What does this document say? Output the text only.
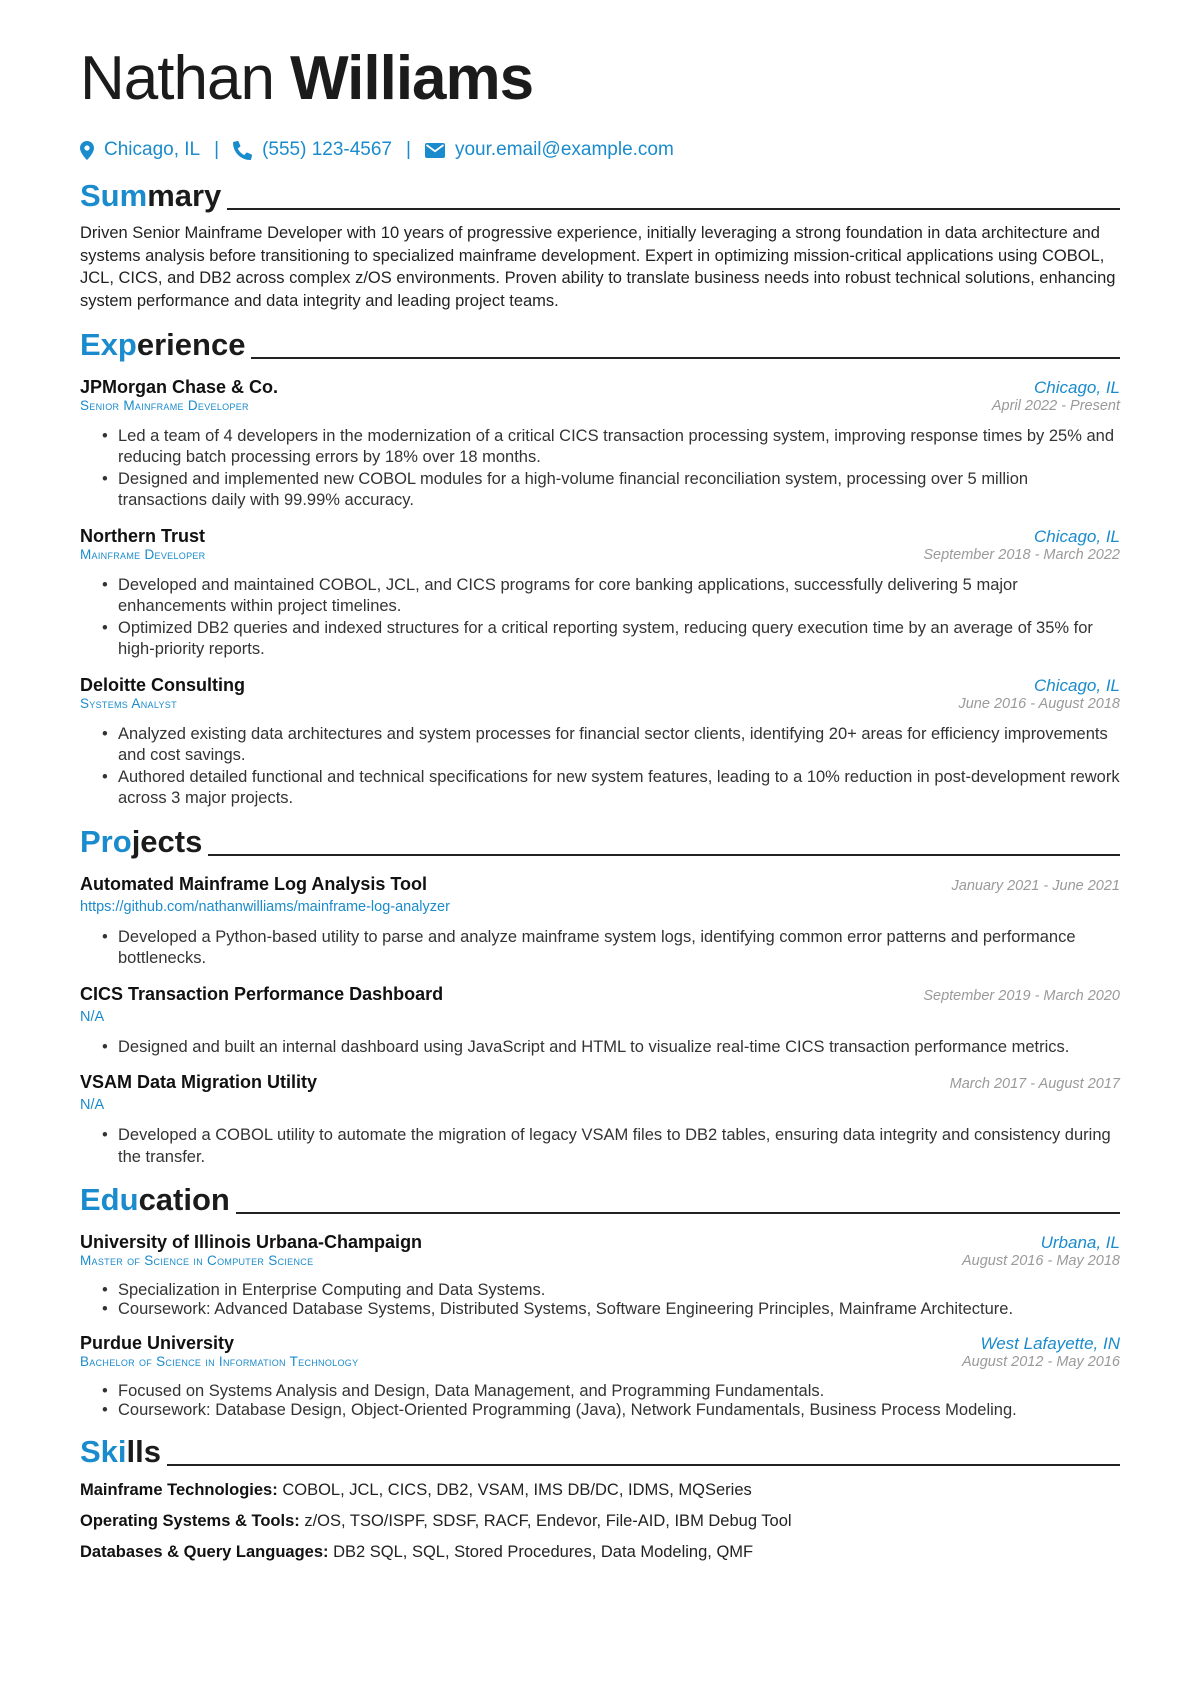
Nathan Williams
Chicago, IL | (555) 123-4567 | your.email@example.com
Summary

Driven Senior Mainframe Developer with 10 years of progressive experience, initially leveraging a strong foundation in data architecture and systems analysis before transitioning to specialized mainframe development. Expert in optimizing mission-critical applications using COBOL, JCL, CICS, and DB2 across complex z/OS environments. Proven ability to translate business needs into robust technical solutions, enhancing system performance and data integrity and leading project teams.

Experience
JPMorgan Chase & Co.	Chicago, IL
Senior Mainframe Developer	April 2022 - Present
• Led a team of 4 developers in the modernization of a critical CICS transaction processing system, improving response times by 25% and reducing batch processing errors by 18% over 18 months.
• Designed and implemented new COBOL modules for a high-volume financial reconciliation system, processing over 5 million transactions daily with 99.99% accuracy.
Northern Trust	Chicago, IL
Mainframe Developer	September 2018 - March 2022
• Developed and maintained COBOL, JCL, and CICS programs for core banking applications, successfully delivering 5 major enhancements within project timelines.
• Optimized DB2 queries and indexed structures for a critical reporting system, reducing query execution time by an average of 35% for high-priority reports.
Deloitte Consulting	Chicago, IL
Systems Analyst	June 2016 - August 2018
• Analyzed existing data architectures and system processes for financial sector clients, identifying 20+ areas for efficiency improvements and cost savings.
• Authored detailed functional and technical specifications for new system features, leading to a 10% reduction in post-development rework across 3 major projects.
Projects
Automated Mainframe Log Analysis Tool	January 2021 - June 2021
https://github.com/nathanwilliams/mainframe-log-analyzer
• Developed a Python-based utility to parse and analyze mainframe system logs, identifying common error patterns and performance bottlenecks.
CICS Transaction Performance Dashboard	September 2019 - March 2020
N/A
• Designed and built an internal dashboard using JavaScript and HTML to visualize real-time CICS transaction performance metrics.
VSAM Data Migration Utility	March 2017 - August 2017
N/A
• Developed a COBOL utility to automate the migration of legacy VSAM files to DB2 tables, ensuring data integrity and consistency during the transfer.
Education
University of Illinois Urbana-Champaign	Urbana, IL
Master of Science in Computer Science	August 2016 - May 2018
• Specialization in Enterprise Computing and Data Systems.
• Coursework: Advanced Database Systems, Distributed Systems, Software Engineering Principles, Mainframe Architecture.
Purdue University	West Lafayette, IN
Bachelor of Science in Information Technology	August 2012 - May 2016
• Focused on Systems Analysis and Design, Data Management, and Programming Fundamentals.
• Coursework: Database Design, Object-Oriented Programming (Java), Network Fundamentals, Business Process Modeling.
Skills
Mainframe Technologies: COBOL, JCL, CICS, DB2, VSAM, IMS DB/DC, IDMS, MQSeries
Operating Systems & Tools: z/OS, TSO/ISPF, SDSF, RACF, Endevor, File-AID, IBM Debug Tool
Databases & Query Languages: DB2 SQL, SQL, Stored Procedures, Data Modeling, QMF
